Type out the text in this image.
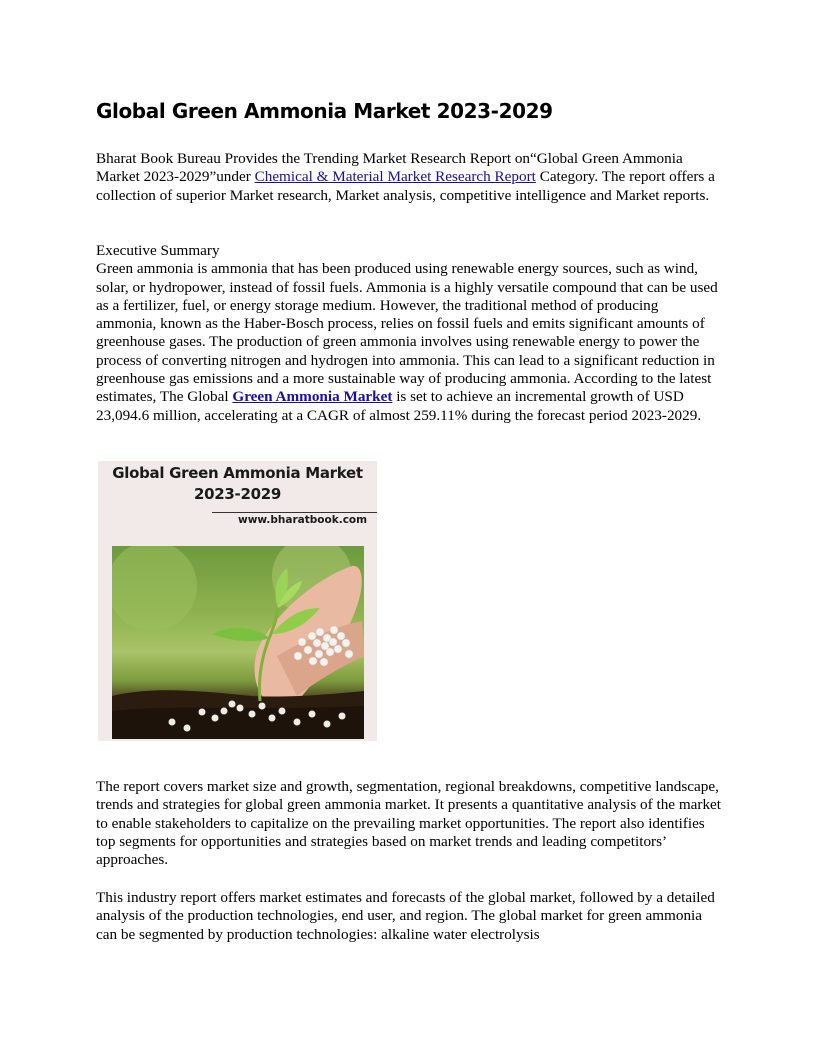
Global Green Ammonia Market 2023-2029

Bharat Book Bureau Provides the Trending Market Research Report on“Global Green Ammonia Market 2023-2029”under Chemical & Material Market Research Report Category. The report offers a collection of superior Market research, Market analysis, competitive intelligence and Market reports.

Executive Summary
Green ammonia is ammonia that has been produced using renewable energy sources, such as wind, solar, or hydropower, instead of fossil fuels. Ammonia is a highly versatile compound that can be used as a fertilizer, fuel, or energy storage medium. However, the traditional method of producing ammonia, known as the Haber-Bosch process, relies on fossil fuels and emits significant amounts of greenhouse gases. The production of green ammonia involves using renewable energy to power the process of converting nitrogen and hydrogen into ammonia. This can lead to a significant reduction in greenhouse gas emissions and a more sustainable way of producing ammonia. According to the latest estimates, The Global Green Ammonia Market is set to achieve an incremental growth of USD 23,094.6 million, accelerating at a CAGR of almost 259.11% during the forecast period 2023-2029.

Global Green Ammonia Market
2023-2029
www.bharatbook.com

The report covers market size and growth, segmentation, regional breakdowns, competitive landscape, trends and strategies for global green ammonia market. It presents a quantitative analysis of the market to enable stakeholders to capitalize on the prevailing market opportunities. The report also identifies top segments for opportunities and strategies based on market trends and leading competitors’ approaches.

This industry report offers market estimates and forecasts of the global market, followed by a detailed analysis of the production technologies, end user, and region. The global market for green ammonia can be segmented by production technologies: alkaline water electrolysis
